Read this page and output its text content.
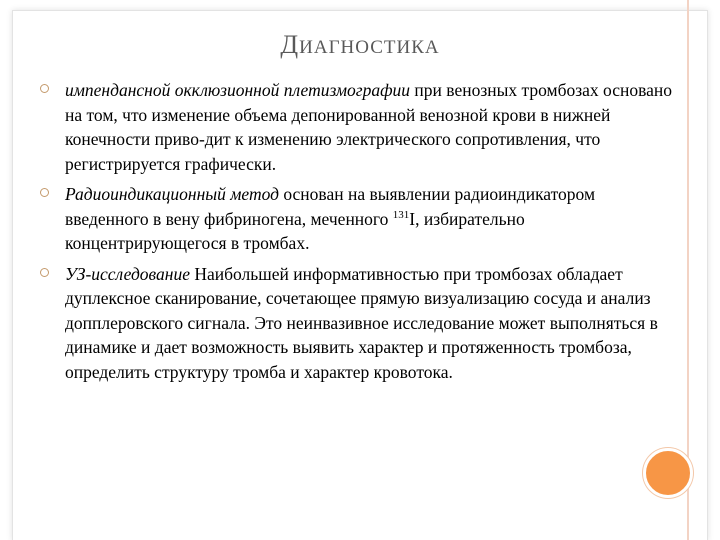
ДИАГНОСТИКА
импендансной окклюзионной плетизмографии при венозных тромбозах основано на том, что изменение объема депонированной венозной крови в нижней конечности приво-дит к изменению электрического сопротивления, что регистрируется графически.
Радиоиндикационный метод основан на выявлении радиоиндикатором введенного в вену фибриногена, меченного $^{131}$I, избирательно концентрирующегося в тромбах.
УЗ-исследование Наибольшей информативностью при тромбозах обладает дуплексное сканирование, сочетающее прямую визуализацию сосуда и анализ допплеровского сигнала. Это неинвазивное исследование может выполняться в динамике и дает возможность выявить характер и протяженность тромбоза, определить структуру тромба и характер кровотока.
